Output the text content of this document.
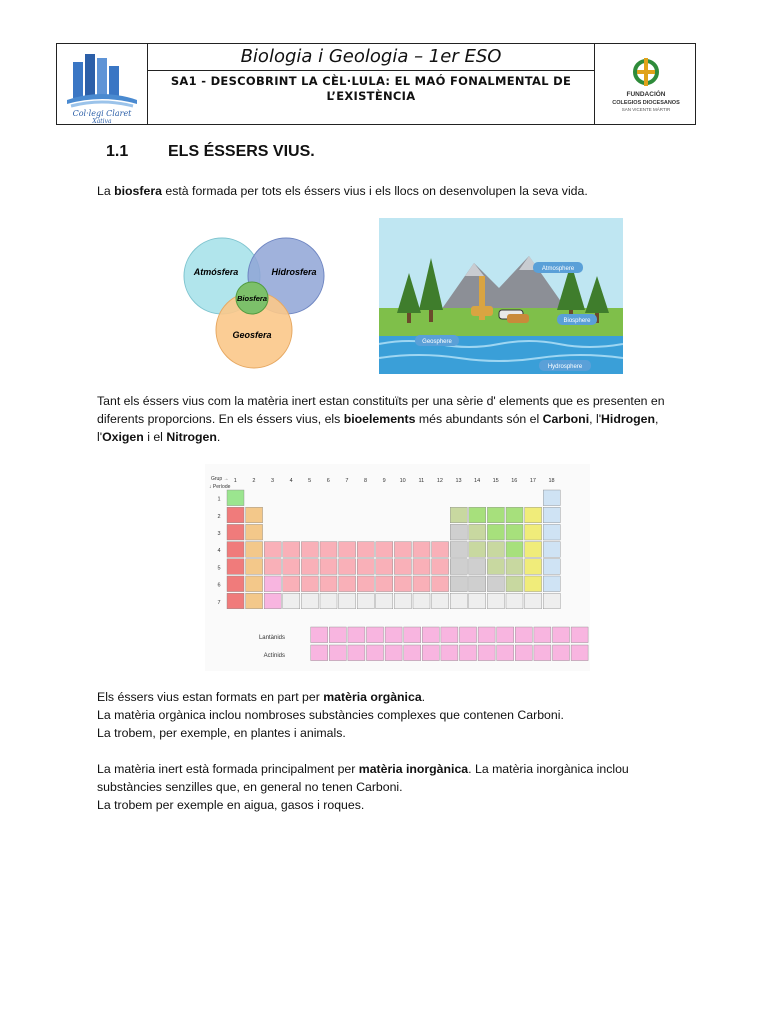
Col·legi Claret
Xàtiva
Biologia i Geologia – 1er ESO
SA1 - DESCOBRINT LA CÈL·LULA: EL MAÓ FONALMENTAL DE
L’EXISTÈNCIA	FUNDACIÓN
COLEGIOS DIOCESANOS
SAN VICENTE MÁRTIR
1.1 ELS ÉSSERS VIUS.
La biosfera està formada per tots els éssers vius i els llocs on desenvolupen la seva vida.
Atmósfera	Hidrosfera
Geosfera
Biosfera
Atmosphere
Biosphere
Geosphere
Hydrosphere
Tant els éssers vius com la matèria inert estan constituïts per una sèrie d' elements que es presenten en
diferents proporcions. En els éssers vius, els bioelements més abundants són el Carboni, l'Hidrogen,
l'Oxigen i el Nitrogen.
Grup →
↓ Període
1	2	3	4	5	6	7	8	9	10 11 12 13 14 15 16 17 18
1
2
3
4
5
6
7
Lantànids
Actínids
Els éssers vius estan formats en part per matèria orgànica.
La matèria orgànica inclou nombroses substàncies complexes que contenen Carboni.
La trobem, per exemple, en plantes i animals.
La matèria inert està formada principalment per matèria inorgànica. La matèria inorgànica inclou
substàncies senzilles que, en general no tenen Carboni.
La trobem per exemple en aigua, gasos i roques.
